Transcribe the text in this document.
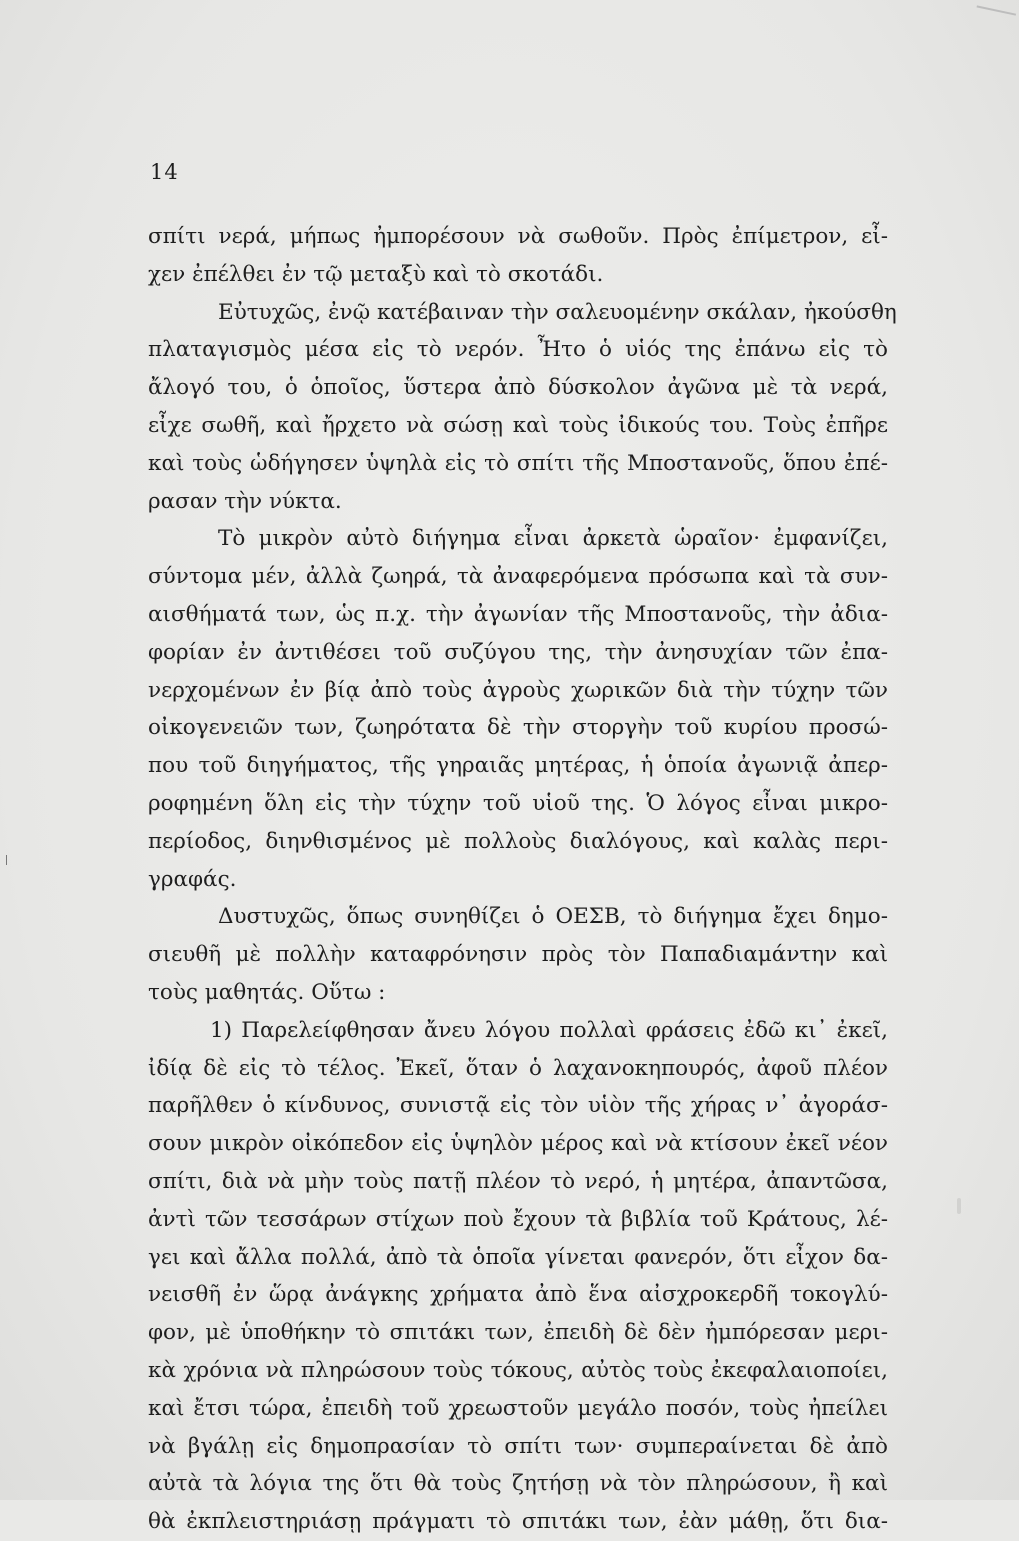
14
σπίτι νερά, μήπως ἠμπορέσουν νὰ σωθοῦν. Πρὸς ἐπίμετρον, εἶ-
χεν ἐπέλθει ἐν τῷ μεταξὺ καὶ τὸ σκοτάδι.
Εὐτυχῶς, ἐνῷ κατέβαιναν τὴν σαλευομένην σκάλαν, ἠκούσθη
πλαταγισμὸς μέσα εἰς τὸ νερόν. Ἦτο ὁ υἱός της ἐπάνω εἰς τὸ
ἄλογό του, ὁ ὁποῖος, ὕστερα ἀπὸ δύσκολον ἀγῶνα μὲ τὰ νερά,
εἶχε σωθῆ, καὶ ἤρχετο νὰ σώσῃ καὶ τοὺς ἰδικούς του. Τοὺς ἐπῆρε
καὶ τοὺς ὡδήγησεν ὑψηλὰ εἰς τὸ σπίτι τῆς Μποστανοῦς, ὅπου ἐπέ-
ρασαν τὴν νύκτα.
Τὸ μικρὸν αὐτὸ διήγημα εἶναι ἀρκετὰ ὡραῖον· ἐμφανίζει,
σύντομα μέν, ἀλλὰ ζωηρά, τὰ ἀναφερόμενα πρόσωπα καὶ τὰ συν-
αισθήματά των, ὡς π.χ. τὴν ἀγωνίαν τῆς Μποστανοῦς, τὴν ἀδια-
φορίαν ἐν ἀντιθέσει τοῦ συζύγου της, τὴν ἀνησυχίαν τῶν ἐπα-
νερχομένων ἐν βίᾳ ἀπὸ τοὺς ἀγροὺς χωρικῶν διὰ τὴν τύχην τῶν
οἰκογενειῶν των, ζωηρότατα δὲ τὴν στοργὴν τοῦ κυρίου προσώ-
που τοῦ διηγήματος, τῆς γηραιᾶς μητέρας, ἡ ὁποία ἀγωνιᾷ ἀπερ-
ροφημένη ὅλη εἰς τὴν τύχην τοῦ υἱοῦ της. Ὁ λόγος εἶναι μικρο-
περίοδος, διηνθισμένος μὲ πολλοὺς διαλόγους, καὶ καλὰς περι-
γραφάς.
Δυστυχῶς, ὅπως συνηθίζει ὁ ΟΕΣΒ, τὸ διήγημα ἔχει δημο-
σιευθῆ μὲ πολλὴν καταφρόνησιν πρὸς τὸν Παπαδιαμάντην καὶ
τοὺς μαθητάς. Οὕτω :
1) Παρελείφθησαν ἄνευ λόγου πολλαὶ φράσεις ἐδῶ κι᾿ ἐκεῖ,
ἰδίᾳ δὲ εἰς τὸ τέλος. Ἐκεῖ, ὅταν ὁ λαχανοκηπουρός, ἀφοῦ πλέον
παρῆλθεν ὁ κίνδυνος, συνιστᾷ εἰς τὸν υἱὸν τῆς χήρας ν᾿ ἀγοράσ-
σουν μικρὸν οἰκόπεδον εἰς ὑψηλὸν μέρος καὶ νὰ κτίσουν ἐκεῖ νέον
σπίτι, διὰ νὰ μὴν τοὺς πατῇ πλέον τὸ νερό, ἡ μητέρα, ἀπαντῶσα,
ἀντὶ τῶν τεσσάρων στίχων ποὺ ἔχουν τὰ βιβλία τοῦ Κράτους, λέ-
γει καὶ ἄλλα πολλά, ἀπὸ τὰ ὁποῖα γίνεται φανερόν, ὅτι εἶχον δα-
νεισθῆ ἐν ὥρᾳ ἀνάγκης χρήματα ἀπὸ ἕνα αἰσχροκερδῆ τοκογλύ-
φον, μὲ ὑποθήκην τὸ σπιτάκι των, ἐπειδὴ δὲ δὲν ἠμπόρεσαν μερι-
κὰ χρόνια νὰ πληρώσουν τοὺς τόκους, αὐτὸς τοὺς ἐκεφαλαιοποίει,
καὶ ἔτσι τώρα, ἐπειδὴ τοῦ χρεωστοῦν μεγάλο ποσόν, τοὺς ἠπείλει
νὰ βγάλῃ εἰς δημοπρασίαν τὸ σπίτι των· συμπεραίνεται δὲ ἀπὸ
αὐτὰ τὰ λόγια της ὅτι θὰ τοὺς ζητήσῃ νὰ τὸν πληρώσουν, ἢ καὶ
θὰ ἐκπλειστηριάσῃ πράγματι τὸ σπιτάκι των, ἐὰν μάθῃ, ὅτι δια-
